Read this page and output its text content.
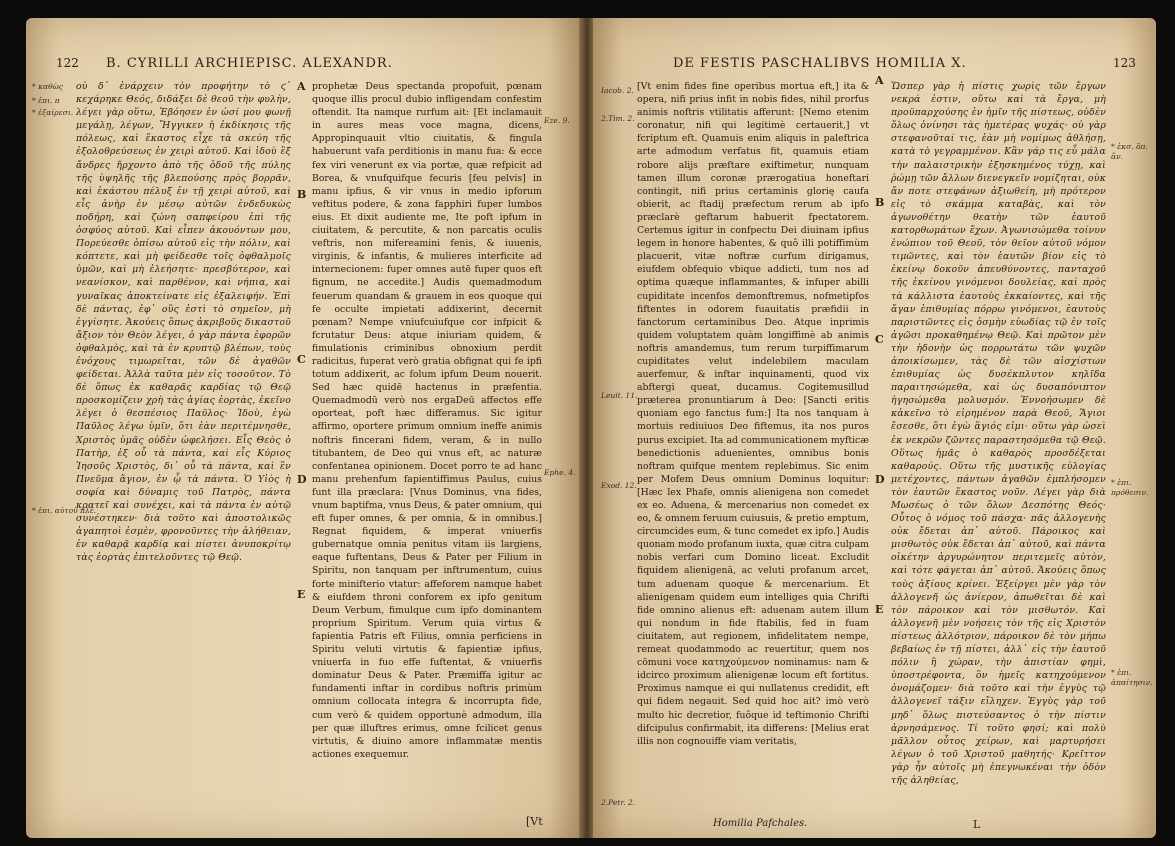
122 B. CYRILLI ARCHIEPISC. ALEXANDR.
* καθὼς
* ἐπι. π
* ἐξαίρεσι.
* ἐπι. αὐτοῦ πλε.
οὐ δ᾽ ἐνάρχειν τὸν προφήτην τὸ ϛ᾽ κεχάρηκε Θεός, διδάξει δὲ θεοῦ τὴν φυλὴν, λέγει γὰρ οὕτω, Ἐβόησεν ἐν ὠσί μου φωνῇ μεγάλῃ, λέγων, Ἤγγικεν ἡ ἐκδίκησις τῆς πόλεως, καὶ ἕκαστος εἶχε τὰ σκεύη τῆς ἐξολοθρεύσεως ἐν χειρὶ αὐτοῦ. Καὶ ἰδοὺ ἓξ ἄνδρες ἤρχοντο ἀπὸ τῆς ὁδοῦ τῆς πύλης τῆς ὑψηλῆς τῆς βλεπούσης πρὸς βορρᾶν, καὶ ἑκάστου πέλυξ ἐν τῇ χειρὶ αὐτοῦ, καὶ εἷς ἀνὴρ ἐν μέσῳ αὐτῶν ἐνδεδυκὼς ποδήρη, καὶ ζώνη σαπφείρου ἐπὶ τῆς ὀσφύος αὐτοῦ. Καὶ εἶπεν ἀκουόντων μου, Πορεύεσθε ὀπίσω αὐτοῦ εἰς τὴν πόλιν, καὶ κόπτετε, καὶ μὴ φείδεσθε τοῖς ὀφθαλμοῖς ὑμῶν, καὶ μὴ ἐλεήσητε· πρεσβύτερον, καὶ νεανίσκον, καὶ παρθένον, καὶ νήπια, καὶ γυναῖκας ἀποκτείνατε εἰς ἐξαλειφήν. Ἐπὶ δὲ πάντας, ἐφ᾽ οὓς ἐστὶ τὸ σημεῖον, μὴ ἐγγίσητε. Ἀκούεις ὅπως ἀκριβοῦς δικαστοῦ ἄξιον τὸν Θεὸν λέγει, ὁ γὰρ πάντα ἐφορῶν ὀφθαλμὸς, καὶ τὰ ἐν κρυπτῷ βλέπων, τοὺς ἐνόχους τιμωρεῖται, τῶν δὲ ἀγαθῶν φείδεται. Ἀλλὰ ταῦτα μὲν εἰς τοσοῦτον. Τὸ δὲ ὅπως ἐκ καθαρᾶς καρδίας τῷ Θεῷ προσκομίζειν χρὴ τὰς ἁγίας ἑορτὰς, ἐκεῖνο λέγει ὁ θεσπέσιος Παῦλος· Ἰδοὺ, ἐγὼ Παῦλος λέγω ὑμῖν, ὅτι ἐὰν περιτέμνησθε, Χριστὸς ὑμᾶς οὐδὲν ὠφελήσει. Εἷς Θεὸς ὁ Πατὴρ, ἐξ οὗ τὰ πάντα, καὶ εἷς Κύριος Ἰησοῦς Χριστὸς, δι᾽ οὗ τὰ πάντα, καὶ ἓν Πνεῦμα ἅγιον, ἐν ᾧ τὰ πάντα. Ὁ Υἱὸς ἡ σοφία καὶ δύναμις τοῦ Πατρὸς, πάντα κρατεῖ καὶ συνέχει, καὶ τὰ πάντα ἐν αὐτῷ συνέστηκεν· διὰ τοῦτο καὶ ἀποστολικῶς ἀγαπητοὶ ἐσμὲν, φρονοῦντες τὴν ἀλήθειαν, ἐν καθαρᾷ καρδίᾳ καὶ πίστει ἀνυποκρίτῳ τὰς ἑορτὰς ἐπιτελοῦντες τῷ Θεῷ.
A
B
C
D
E
prophetæ Deus spectanda propofuit, pœnam quoque illis procul dubio infligendam confestim oftendit. Ita namque rurfum ait: [Et inclamauit in aures meas voce magna, dicens, Appropinquauit vltio ciuitatis, & fingula habuerunt vafa perditionis in manu fua: & ecce fex viri venerunt ex via portæ, quæ refpicit ad Borea, & vnufquifque fecuris [feu pelvis] in manu ipfius, & vir vnus in medio ipforum veftitus podere, & zona fapphiri fuper lumbos eius. Et dixit audiente me, Ite poft ipfum in ciuitatem, & percutite, & non parcatis oculis veftris, non mifereamini fenis, & iuuenis, virginis, & infantis, & mulieres interficite ad internecionem: fuper omnes autē fuper quos eft fignum, ne accedite.] Audis quemadmodum feuerum quandam & grauem in eos quoque qui fe occulte impietati addixerint, decernit pœnam? Nempe vniufcuiufque cor infpicit & fcrutatur Deus: atque iniuriam quidem, & fimulationis criminibus obnoxium perdit radicitus, fuperat verò gratia obfignat qui fe ipfi totum addixerit, ac folum ipfum Deum nouerit. Sed hæc quidē hactenus in præfentia. Quemadmodū verò nos ergaDeū affectos effe oporteat, poft hæc differamus. Sic igitur affirmo, oportere primum omnium ineffe animis noftris fincerani fidem, veram, & in nullo titubantem, de Deo qui vnus eft, ac naturæ confentanea opinionem. Docet porro te ad hanc manu prehenfum fapientiffimus Paulus, cuius funt illa præclara: [Vnus Dominus, vna fides, vnum baptifma, vnus Deus, & pater omnium, qui eft fuper omnes, & per omnia, & in omnibus.] Regnat fiquidem, & imperat vniuerfis gubernatque omnia penitus vitam iis largiens, eaque fuftentans, Deus & Pater per Filium in Spiritu, non tanquam per inftrumentum, cuius forte minifterio vtatur: affeforem namque habet & eiufdem throni conforem ex ipfo genitum Deum Verbum, fimulque cum ipfo dominantem proprium Spiritum. Verum quia virtus & fapientia Patris eft Filius, omnia perficiens in Spiritu veluti virtutis & fapientiæ ipfius, vniuerfa in fuo effe fuftentat, & vniuerfis dominatur Deus & Pater. Præmiffa igitur ac fundamenti inftar in cordibus noftris primùm omnium collocata integra & incorrupta fide, cum verò & quidem opportunè admodum, illa per quæ illuftres erimus, omne fcilicet genus virtutis, & diuino amore inflammatæ mentis actiones exequemur.
Eze. 9.
Ephe. 4.
[Vt
DE FESTIS PASCHALIBVS HOMILIA X.	123
Iacob. 2.
2.Tim. 2.
Leuit. 11.
Exod. 12.
2.Petr. 2.
[Vt enim fides fine operibus mortua eft,] ita & opera, nifi prius infit in nobis fides, nihil prorfus animis noftris vtilitatis afferunt: [Nemo etenim coronatur, nifi qui legitimè certauerit,] vt fcriptum eft. Quamuis enim aliquis in paleftrica arte admodum verfatus fit, quamuis etiam robore alijs præftare exiftimetur, nunquam tamen illum coronæ prærogatiua honeftari contingit, nifi prius certaminis glorię caufa obierit, ac ftadij præfectum rerum ab ipfo præclarè geftarum habuerit fpectatorem. Certemus igitur in confpectu Dei diuinam ipfius legem in honore habentes, & quô illi potiffimùm placuerit, vitæ noftræ curfum dirigamus, eiufdem obfequio vbique addicti, tum nos ad optima quæque inflammantes, & infuper abilli cupiditate incenfos demonftremus, nofmetipfos fiftentes in odorem fuauitatis præfidii in fanctorum certaminibus Deo. Atque inprimis quidem voluptatem quàm longiffimè ab animis noftris amandemus, tum rerum turpiffimarum cupiditates velut indelebilem maculam auerfemur, & inftar inquinamenti, quod vix abftergi queat, ducamus. Cogitemusillud præterea pronuntiarum à Deo: [Sancti eritis quoniam ego fanctus fum:] Ita nos tanquam à mortuis rediuiuos Deo fiftemus, ita nos puros purus excipiet. Ita ad communicationem myfticæ benedictionis aduenientes, omnibus bonis noftram quifque mentem replebimus. Sic enim per Mofem Deus omnium Dominus loquitur: [Hæc lex Phafe, omnis alienigena non comedet ex eo. Aduena, & mercenarius non comedet ex eo, & omnem feruum cuiusuis, & pretio emptum, circumcides eum, & tunc comedet ex ipfo.] Audis quonam modo profanum iuxta, quæ citra culpam nobis verfari cum Domino liceat. Excludit fiquidem alienigenā, ac veluti profanum arcet, tum aduenam quoque & mercenarium. Et alienigenam quidem eum intelliges quia Chrifti fide omnino alienus eft: aduenam autem illum qui nondum in fide ftabilis, fed in fuam ciuitatem, aut regionem, infidelitatem nempe, remeat quodammodo ac reuertitur, quem nos cōmuni voce κατηχούμενον nominamus: nam & idcirco proximum alienigenæ locum eft fortitus. Proximus namque ei qui nullatenus credidit, eft qui fidem negauit. Sed quid hoc ait? imò verò multo hic decretior, fuôque id teftimonio Chrifti difcipulus confirmabit, ita differens: [Melius erat illis non cognouiffe viam veritatis,
A
B
C
D
E
Ὥσπερ γὰρ ἡ πίστις χωρὶς τῶν ἔργων νεκρά ἐστιν, οὕτω καὶ τὰ ἔργα, μὴ προϋπαρχούσης ἐν ἡμῖν τῆς πίστεως, οὐδὲν ὅλως ὀνίνησι τὰς ἡμετέρας ψυχάς· οὐ γὰρ στεφανοῦταί τις, ἐὰν μὴ νομίμως ἀθλήσῃ, κατὰ τὸ γεγραμμένον. Κἂν γάρ τις εὖ μάλα τὴν παλαιστρικὴν ἐξησκημένος τύχῃ, καὶ ῥώμῃ τῶν ἄλλων διενεγκεῖν νομίζηται, οὐκ ἄν ποτε στεφάνων ἀξιωθείη, μὴ πρότερον εἰς τὸ σκάμμα καταβὰς, καὶ τὸν ἀγωνοθέτην θεατὴν τῶν ἑαυτοῦ κατορθωμάτων ἔχων. Ἀγωνισώμεθα τοίνυν ἐνώπιον τοῦ Θεοῦ, τὸν θεῖον αὐτοῦ νόμον τιμῶντες, καὶ τὸν ἑαυτῶν βίον εἰς τὸ ἐκείνῳ δοκοῦν ἀπευθύνοντες, πανταχοῦ τῆς ἐκείνου γινόμενοι δουλείας, καὶ πρὸς τὰ κάλλιστα ἑαυτοὺς ἐκκαίοντες, καὶ τῆς ἄγαν ἐπιθυμίας πόρρω γινόμενοι, ἑαυτοὺς παριστῶντες εἰς ὀσμὴν εὐωδίας τῷ ἐν τοῖς ἀγῶσι προκαθημένῳ Θεῷ. Καὶ πρῶτον μὲν τὴν ἡδονὴν ὡς πορρωτάτω τῶν ψυχῶν ἀποικίσωμεν, τὰς δὲ τῶν αἰσχίστων ἐπιθυμίας ὡς δυσέκπλυτον κηλῖδα παραιτησώμεθα, καὶ ὡς δυσαπόνιπτον ἡγησώμεθα μολυσμόν. Ἐννοήσωμεν δὲ κἀκεῖνο τὸ εἰρημένον παρὰ Θεοῦ, Ἅγιοι ἔσεσθε, ὅτι ἐγὼ ἅγιός εἰμι· οὕτω γὰρ ὡσεὶ ἐκ νεκρῶν ζῶντες παραστησόμεθα τῷ Θεῷ. Οὕτως ἡμᾶς ὁ καθαρὸς προσδέξεται καθαρούς. Οὕτω τῆς μυστικῆς εὐλογίας μετέχοντες, πάντων ἀγαθῶν ἐμπλήσομεν τὸν ἑαυτῶν ἕκαστος νοῦν. Λέγει γὰρ διὰ Μωσέως ὁ τῶν ὅλων Δεσπότης Θεός· Οὗτος ὁ νόμος τοῦ πάσχα· πᾶς ἀλλογενὴς οὐκ ἔδεται ἀπ᾽ αὐτοῦ. Πάροικος καὶ μισθωτὸς οὐκ ἔδεται ἀπ᾽ αὐτοῦ, καὶ πάντα οἰκέτην ἀργυρώνητον περιτεμεῖς αὐτὸν, καὶ τότε φάγεται ἀπ᾽ αὐτοῦ. Ἀκούεις ὅπως τοὺς ἀξίους κρίνει. Ἐξείργει μὲν γὰρ τὸν ἀλλογενῆ ὡς ἀνίερον, ἀπωθεῖται δὲ καὶ τὸν πάροικον καὶ τὸν μισθωτόν. Καὶ ἀλλογενῆ μὲν νοήσεις τὸν τῆς εἰς Χριστὸν πίστεως ἀλλότριον, πάροικον δὲ τὸν μήπω βεβαίως ἐν τῇ πίστει, ἀλλ᾽ εἰς τὴν ἑαυτοῦ πόλιν ἢ χώραν, τὴν ἀπιστίαν φημὶ, ὑποστρέφοντα, ὃν ἡμεῖς κατηχούμενον ὀνομάζομεν· διὰ τοῦτο καὶ τὴν ἐγγὺς τῷ ἀλλογενεῖ τάξιν εἴληχεν. Ἐγγὺς γὰρ τοῦ μηδ᾽ ὅλως πιστεύσαντος ὁ τὴν πίστιν ἀρνησάμενος. Τί τοῦτο φησί; καὶ πολὺ μᾶλλον οὗτος χείρων, καὶ μαρτυρήσει λέγων ὁ τοῦ Χριστοῦ μαθητής· Κρεῖττον γὰρ ἦν αὐτοῖς μὴ ἐπεγνωκέναι τὴν ὁδὸν τῆς ἀληθείας,
* ἐκσ. ὅπ. ἄν.
* ἐπι. πρόθεσιν.
* ἐπι. ἀπαίτησιν.
Homilia Pafchales.	L
